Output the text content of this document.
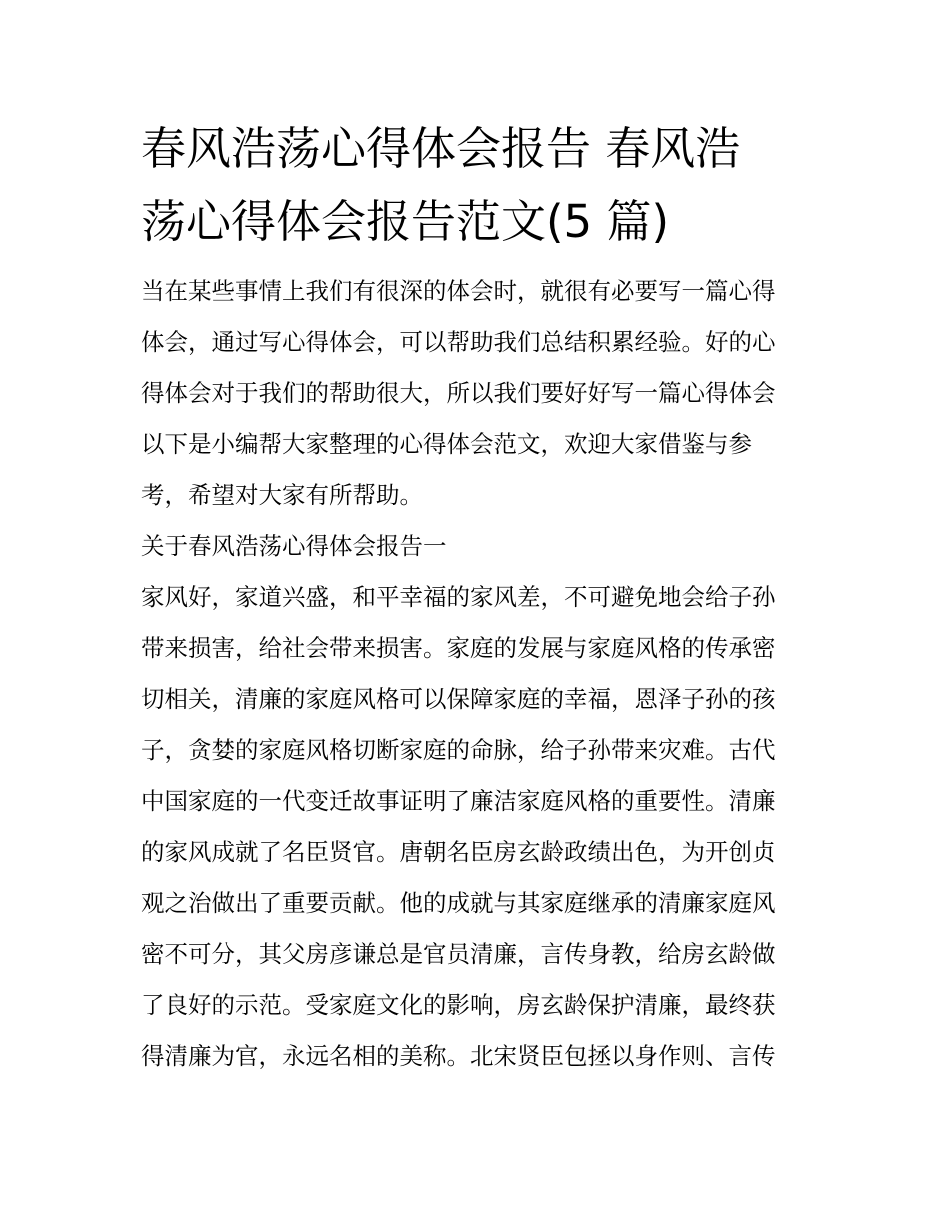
春风浩荡心得体会报告 春风浩
荡心得体会报告范文(5 篇)

当在某些事情上我们有很深的体会时，就很有必要写一篇心得
体会，通过写心得体会，可以帮助我们总结积累经验。好的心
得体会对于我们的帮助很大，所以我们要好好写一篇心得体会
以下是小编帮大家整理的心得体会范文，欢迎大家借鉴与参
考，希望对大家有所帮助。

关于春风浩荡心得体会报告一

家风好，家道兴盛，和平幸福的家风差，不可避免地会给子孙
带来损害，给社会带来损害。家庭的发展与家庭风格的传承密
切相关，清廉的家庭风格可以保障家庭的幸福，恩泽子孙的孩
子，贪婪的家庭风格切断家庭的命脉，给子孙带来灾难。古代
中国家庭的一代变迁故事证明了廉洁家庭风格的重要性。清廉
的家风成就了名臣贤官。唐朝名臣房玄龄政绩出色，为开创贞
观之治做出了重要贡献。他的成就与其家庭继承的清廉家庭风
密不可分，其父房彦谦总是官员清廉，言传身教，给房玄龄做
了良好的示范。受家庭文化的影响，房玄龄保护清廉，最终获
得清廉为官，永远名相的美称。北宋贤臣包拯以身作则、言传
